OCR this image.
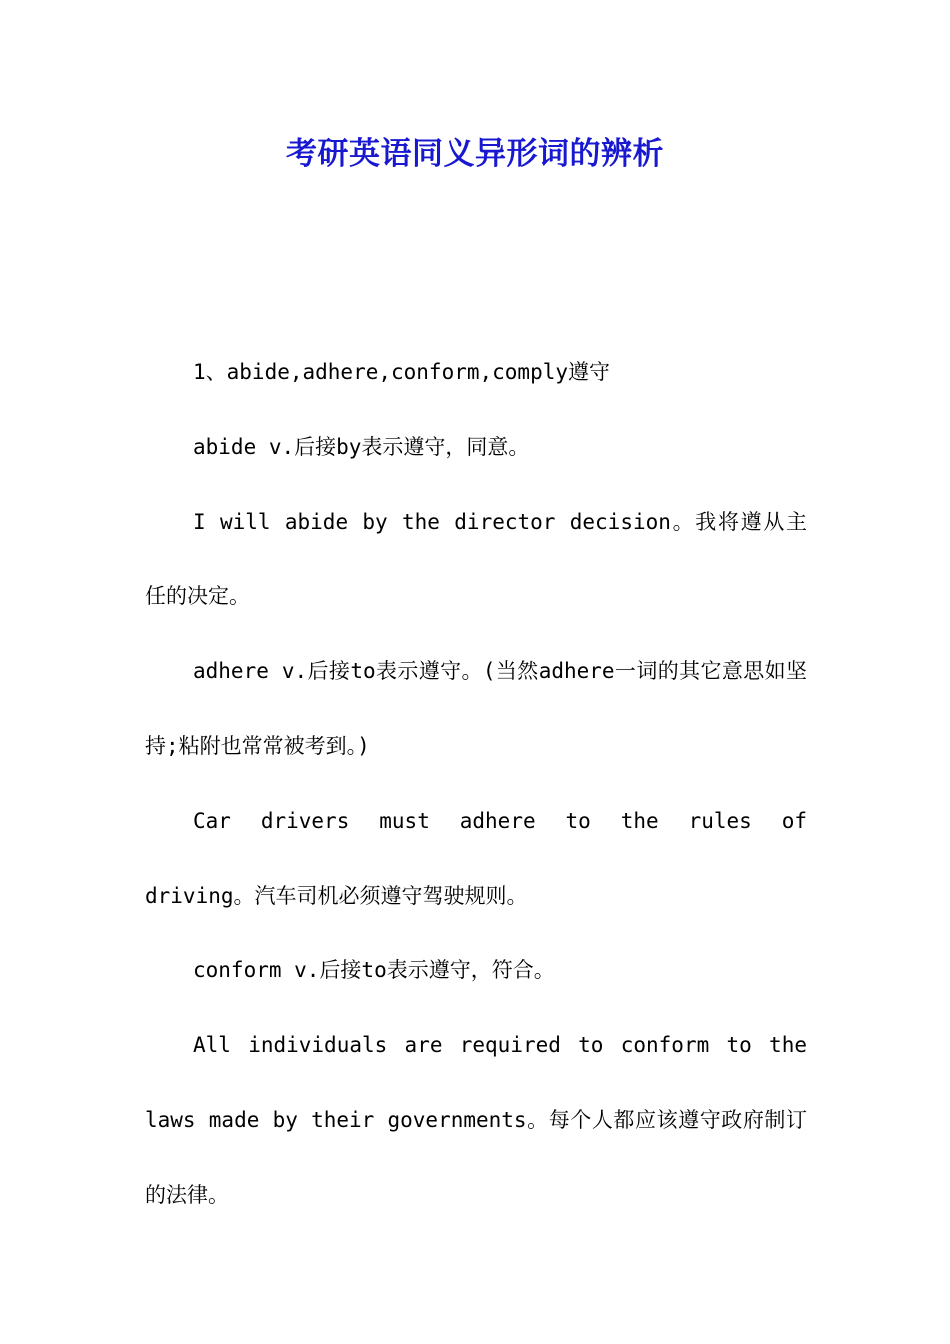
考研英语同义异形词的辨析

1、abide,adhere,conform,comply遵守

abide v.后接by表示遵守，同意。

I will abide by the director decision。我将遵从主任的决定。

adhere v.后接to表示遵守。(当然adhere一词的其它意思如坚持;粘附也常常被考到。)

Car drivers must adhere to the rules of driving。汽车司机必须遵守驾驶规则。

conform v.后接to表示遵守，符合。

All individuals are required to conform to the laws made by their governments。每个人都应该遵守政府制订的法律。
